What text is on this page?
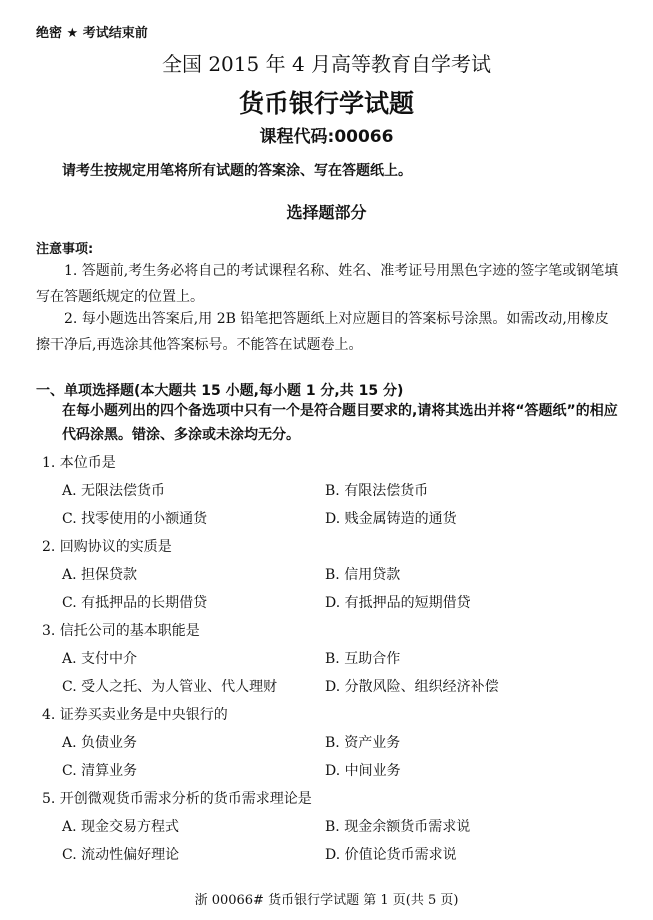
绝密 ★ 考试结束前
全国 2015 年 4 月高等教育自学考试
货币银行学试题
课程代码:00066
请考生按规定用笔将所有试题的答案涂、写在答题纸上。
选择题部分
注意事项:
1. 答题前,考生务必将自己的考试课程名称、姓名、准考证号用黑色字迹的签字笔或钢笔填写在答题纸规定的位置上。
2. 每小题选出答案后,用 2B 铅笔把答题纸上对应题目的答案标号涂黑。如需改动,用橡皮擦干净后,再选涂其他答案标号。不能答在试题卷上。
一、单项选择题(本大题共 15 小题,每小题 1 分,共 15 分)
在每小题列出的四个备选项中只有一个是符合题目要求的,请将其选出并将“答题纸”的相应代码涂黑。错涂、多涂或未涂均无分。
1. 本位币是
A. 无限法偿货币	B. 有限法偿货币
C. 找零使用的小额通货	D. 贱金属铸造的通货
2. 回购协议的实质是
A. 担保贷款	B. 信用贷款
C. 有抵押品的长期借贷	D. 有抵押品的短期借贷
3. 信托公司的基本职能是
A. 支付中介	B. 互助合作
C. 受人之托、为人管业、代人理财	D. 分散风险、组织经济补偿
4. 证券买卖业务是中央银行的
A. 负债业务	B. 资产业务
C. 清算业务	D. 中间业务
5. 开创微观货币需求分析的货币需求理论是
A. 现金交易方程式	B. 现金余额货币需求说
C. 流动性偏好理论	D. 价值论货币需求说
浙 00066# 货币银行学试题 第 1 页(共 5 页)
